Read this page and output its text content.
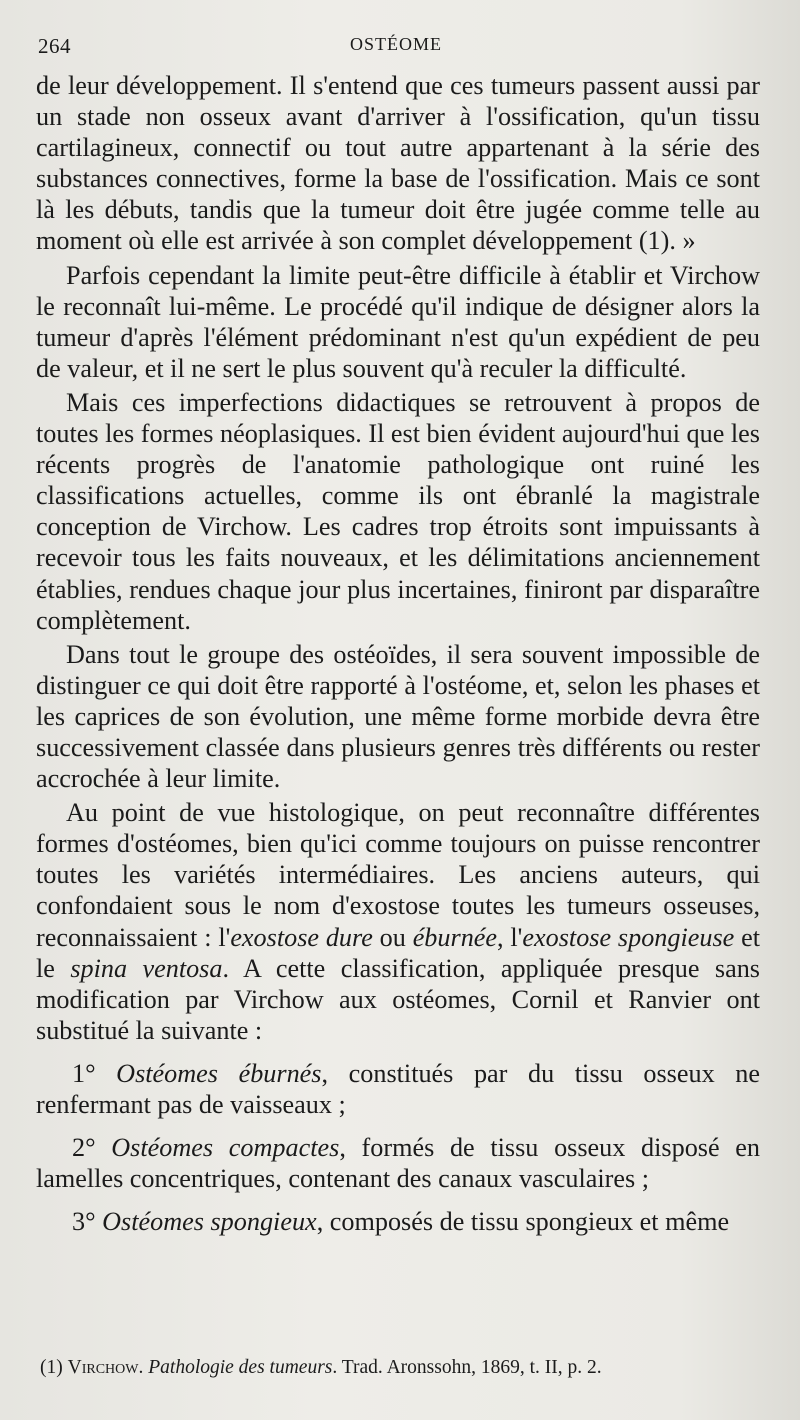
264	OSTÉOME

de leur développement. Il s'entend que ces tumeurs passent aussi par un stade non osseux avant d'arriver à l'ossification, qu'un tissu cartilagineux, connectif ou tout autre appartenant à la série des substances connectives, forme la base de l'ossification. Mais ce sont là les débuts, tandis que la tumeur doit être jugée comme telle au moment où elle est arrivée à son complet développement (1). »

Parfois cependant la limite peut-être difficile à établir et Virchow le reconnaît lui-même. Le procédé qu'il indique de désigner alors la tumeur d'après l'élément prédominant n'est qu'un expédient de peu de valeur, et il ne sert le plus souvent qu'à reculer la difficulté.

Mais ces imperfections didactiques se retrouvent à propos de toutes les formes néoplasiques. Il est bien évident aujourd'hui que les récents progrès de l'anatomie pathologique ont ruiné les classifications actuelles, comme ils ont ébranlé la magistrale conception de Virchow. Les cadres trop étroits sont impuissants à recevoir tous les faits nouveaux, et les délimitations anciennement établies, rendues chaque jour plus incertaines, finiront par disparaître complètement.

Dans tout le groupe des ostéoïdes, il sera souvent impossible de distinguer ce qui doit être rapporté à l'ostéome, et, selon les phases et les caprices de son évolution, une même forme morbide devra être successivement classée dans plusieurs genres très différents ou rester accrochée à leur limite.

Au point de vue histologique, on peut reconnaître différentes formes d'ostéomes, bien qu'ici comme toujours on puisse rencontrer toutes les variétés intermédiaires. Les anciens auteurs, qui confondaient sous le nom d'exostose toutes les tumeurs osseuses, reconnaissaient : l'exostose dure ou éburnée, l'exostose spongieuse et le spina ventosa. A cette classification, appliquée presque sans modification par Virchow aux ostéomes, Cornil et Ranvier ont substitué la suivante :

1° Ostéomes éburnés, constitués par du tissu osseux ne renfermant pas de vaisseaux ;

2° Ostéomes compactes, formés de tissu osseux disposé en lamelles concentriques, contenant des canaux vasculaires ;

3° Ostéomes spongieux, composés de tissu spongieux et même

(1) Virchow. Pathologie des tumeurs. Trad. Aronssohn, 1869, t. II, p. 2.
